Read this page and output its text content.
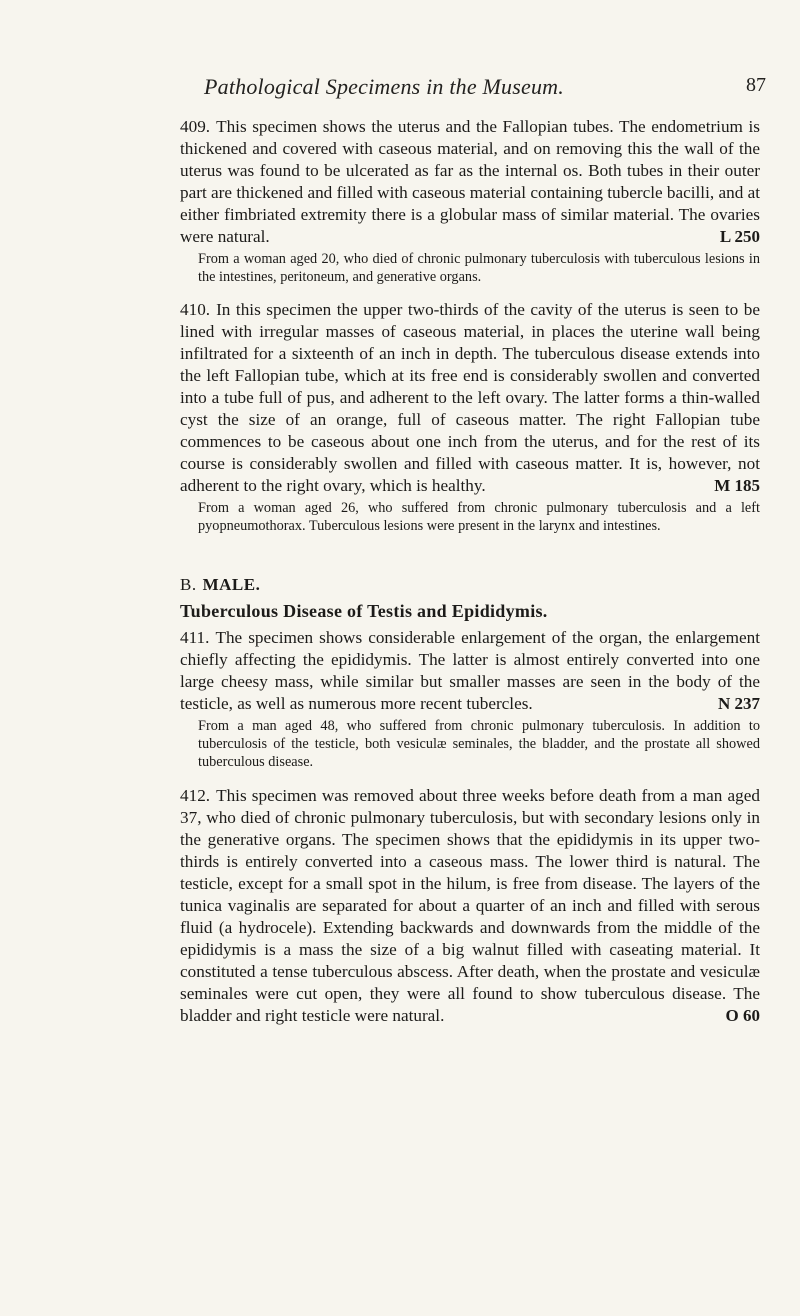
Pathological Specimens in the Museum.	87

409. This specimen shows the uterus and the Fallopian tubes. The endometrium is thickened and covered with caseous material, and on removing this the wall of the uterus was found to be ulcerated as far as the internal os. Both tubes in their outer part are thickened and filled with caseous material containing tubercle bacilli, and at either fimbriated extremity there is a globular mass of similar material. The ovaries were natural.	L 250

From a woman aged 20, who died of chronic pulmonary tuberculosis with tuberculous lesions in the intestines, peritoneum, and generative organs.

410. In this specimen the upper two-thirds of the cavity of the uterus is seen to be lined with irregular masses of caseous material, in places the uterine wall being infiltrated for a sixteenth of an inch in depth. The tuberculous disease extends into the left Fallopian tube, which at its free end is considerably swollen and converted into a tube full of pus, and adherent to the left ovary. The latter forms a thin-walled cyst the size of an orange, full of caseous matter. The right Fallopian tube commences to be caseous about one inch from the uterus, and for the rest of its course is considerably swollen and filled with caseous matter. It is, however, not adherent to the right ovary, which is healthy.	M 185

From a woman aged 26, who suffered from chronic pulmonary tuberculosis and a left pyopneumothorax. Tuberculous lesions were present in the larynx and intestines.

B. MALE.
Tuberculous Disease of Testis and Epididymis.

411. The specimen shows considerable enlargement of the organ, the enlargement chiefly affecting the epididymis. The latter is almost entirely converted into one large cheesy mass, while similar but smaller masses are seen in the body of the testicle, as well as numerous more recent tubercles.	N 237

From a man aged 48, who suffered from chronic pulmonary tuberculosis. In addition to tuberculosis of the testicle, both vesiculæ seminales, the bladder, and the prostate all showed tuberculous disease.

412. This specimen was removed about three weeks before death from a man aged 37, who died of chronic pulmonary tuberculosis, but with secondary lesions only in the generative organs. The specimen shows that the epididymis in its upper two-thirds is entirely converted into a caseous mass. The lower third is natural. The testicle, except for a small spot in the hilum, is free from disease. The layers of the tunica vaginalis are separated for about a quarter of an inch and filled with serous fluid (a hydrocele). Extending backwards and downwards from the middle of the epididymis is a mass the size of a big walnut filled with caseating material. It constituted a tense tuberculous abscess. After death, when the prostate and vesiculæ seminales were cut open, they were all found to show tuberculous disease. The bladder and right testicle were natural.	O 60
